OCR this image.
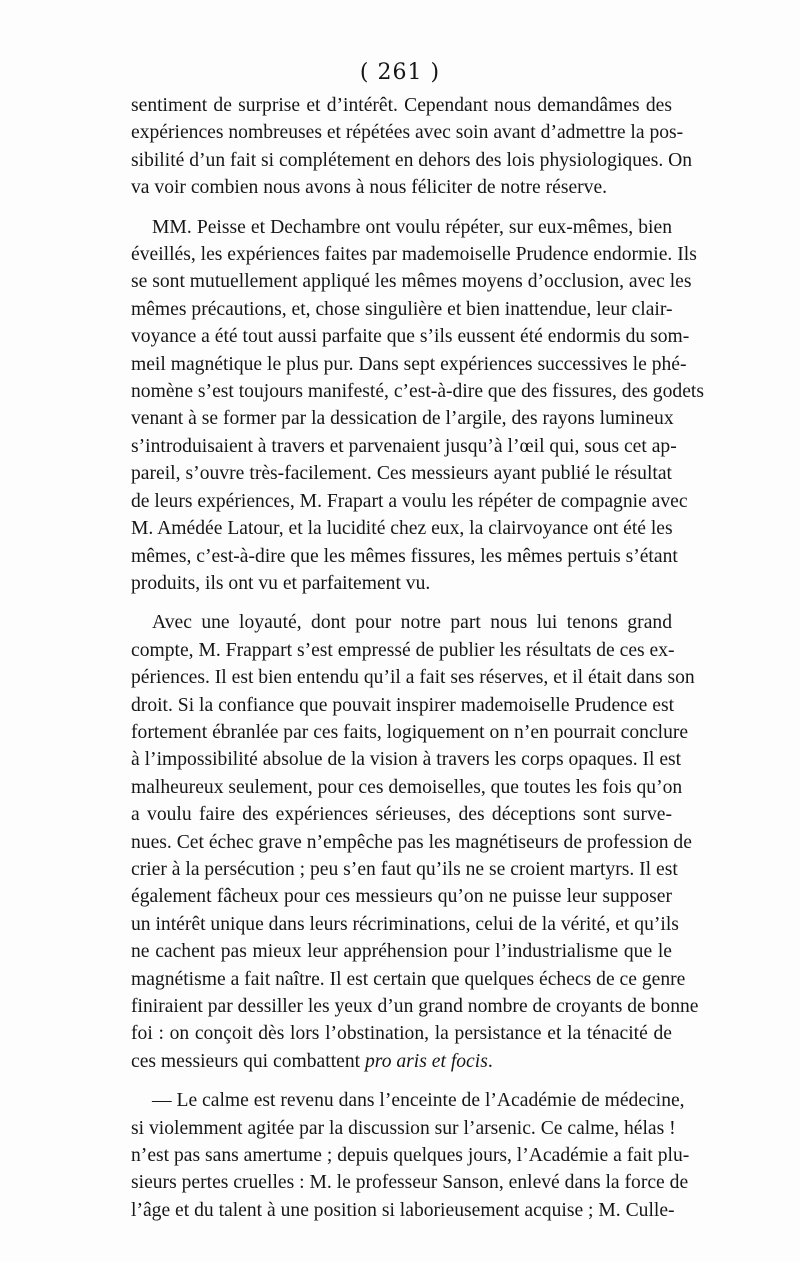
( 261 )
sentiment de surprise et d’intérêt. Cependant nous demandâmes des
expériences nombreuses et répétées avec soin avant d’admettre la pos-
sibilité d’un fait si complétement en dehors des lois physiologiques. On
va voir combien nous avons à nous féliciter de notre réserve.
MM. Peisse et Dechambre ont voulu répéter, sur eux-mêmes, bien
éveillés, les expériences faites par mademoiselle Prudence endormie. Ils
se sont mutuellement appliqué les mêmes moyens d’occlusion, avec les
mêmes précautions, et, chose singulière et bien inattendue, leur clair-
voyance a été tout aussi parfaite que s’ils eussent été endormis du som-
meil magnétique le plus pur. Dans sept expériences successives le phé-
nomène s’est toujours manifesté, c’est-à-dire que des fissures, des godets
venant à se former par la dessication de l’argile, des rayons lumineux
s’introduisaient à travers et parvenaient jusqu’à l’œil qui, sous cet ap-
pareil, s’ouvre très-facilement. Ces messieurs ayant publié le résultat
de leurs expériences, M. Frapart a voulu les répéter de compagnie avec
M. Amédée Latour, et la lucidité chez eux, la clairvoyance ont été les
mêmes, c’est-à-dire que les mêmes fissures, les mêmes pertuis s’étant
produits, ils ont vu et parfaitement vu.
Avec une loyauté, dont pour notre part nous lui tenons grand
compte, M. Frappart s’est empressé de publier les résultats de ces ex-
périences. Il est bien entendu qu’il a fait ses réserves, et il était dans son
droit. Si la confiance que pouvait inspirer mademoiselle Prudence est
fortement ébranlée par ces faits, logiquement on n’en pourrait conclure
à l’impossibilité absolue de la vision à travers les corps opaques. Il est
malheureux seulement, pour ces demoiselles, que toutes les fois qu’on
a voulu faire des expériences sérieuses, des déceptions sont surve-
nues. Cet échec grave n’empêche pas les magnétiseurs de profession de
crier à la persécution ; peu s’en faut qu’ils ne se croient martyrs. Il est
également fâcheux pour ces messieurs qu’on ne puisse leur supposer
un intérêt unique dans leurs récriminations, celui de la vérité, et qu’ils
ne cachent pas mieux leur appréhension pour l’industrialisme que le
magnétisme a fait naître. Il est certain que quelques échecs de ce genre
finiraient par dessiller les yeux d’un grand nombre de croyants de bonne
foi : on conçoit dès lors l’obstination, la persistance et la ténacité de
ces messieurs qui combattent pro aris et focis.
— Le calme est revenu dans l’enceinte de l’Académie de médecine,
si violemment agitée par la discussion sur l’arsenic. Ce calme, hélas !
n’est pas sans amertume ; depuis quelques jours, l’Académie a fait plu-
sieurs pertes cruelles : M. le professeur Sanson, enlevé dans la force de
l’âge et du talent à une position si laborieusement acquise ; M. Culle-
